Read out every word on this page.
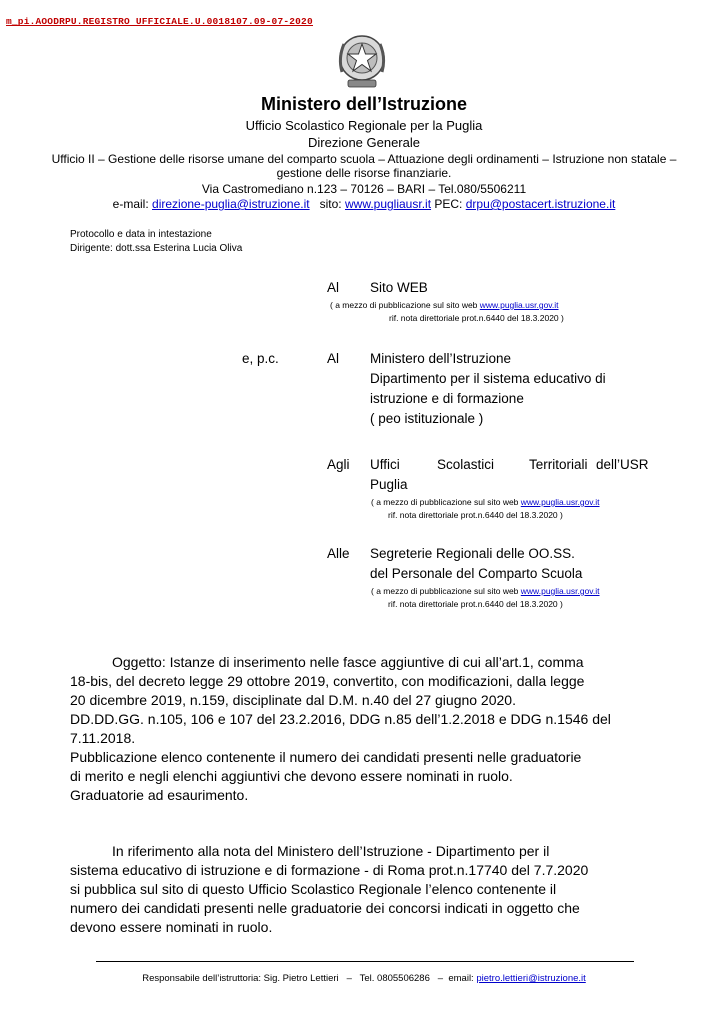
m_pi.AOODRPU.REGISTRO UFFICIALE.U.0018107.09-07-2020
Ministero dell’Istruzione
Ufficio Scolastico Regionale per la Puglia
Direzione Generale
Ufficio II – Gestione delle risorse umane del comparto scuola – Attuazione degli ordinamenti – Istruzione non statale – gestione delle risorse finanziarie.
Via Castromediano n.123 – 70126 – BARI – Tel.080/5506211
e-mail: direzione-puglia@istruzione.it sito: www.pugliausr.it PEC: drpu@postacert.istruzione.it
Protocollo e data in intestazione
Dirigente: dott.ssa Esterina Lucia Oliva
Al Sito WEB
( a mezzo di pubblicazione sul sito web www.puglia.usr.gov.it
rif. nota direttoriale prot.n.6440 del 18.3.2020 )
e, p.c.	Al Ministero dell’Istruzione
Dipartimento per il sistema educativo di
istruzione e di formazione
( peo istituzionale )
Agli Uffici	Scolastici	Territoriali dell’USR
Puglia
( a mezzo di pubblicazione sul sito web www.puglia.usr.gov.it
rif. nota direttoriale prot.n.6440 del 18.3.2020 )
Alle Segreterie Regionali delle OO.SS.
del Personale del Comparto Scuola
( a mezzo di pubblicazione sul sito web www.puglia.usr.gov.it
rif. nota direttoriale prot.n.6440 del 18.3.2020 )
Oggetto: Istanze di inserimento nelle fasce aggiuntive di cui all’art.1, comma
18-bis, del decreto legge 29 ottobre 2019, convertito, con modificazioni, dalla legge
20 dicembre 2019, n.159, disciplinate dal D.M. n.40 del 27 giugno 2020.
DD.DD.GG. n.105, 106 e 107 del 23.2.2016, DDG n.85 dell’1.2.2018 e DDG n.1546 del
7.11.2018.
Pubblicazione elenco contenente il numero dei candidati presenti nelle graduatorie
di merito e negli elenchi aggiuntivi che devono essere nominati in ruolo.
Graduatorie ad esaurimento.
In riferimento alla nota del Ministero dell’Istruzione - Dipartimento per il
sistema educativo di istruzione e di formazione - di Roma prot.n.17740 del 7.7.2020
si pubblica sul sito di questo Ufficio Scolastico Regionale l’elenco contenente il
numero dei candidati presenti nelle graduatorie dei concorsi indicati in oggetto che
devono essere nominati in ruolo.
Responsabile dell’istruttoria: Sig. Pietro Lettieri   –   Tel. 0805506286   –  email: pietro.lettieri@istruzione.it
